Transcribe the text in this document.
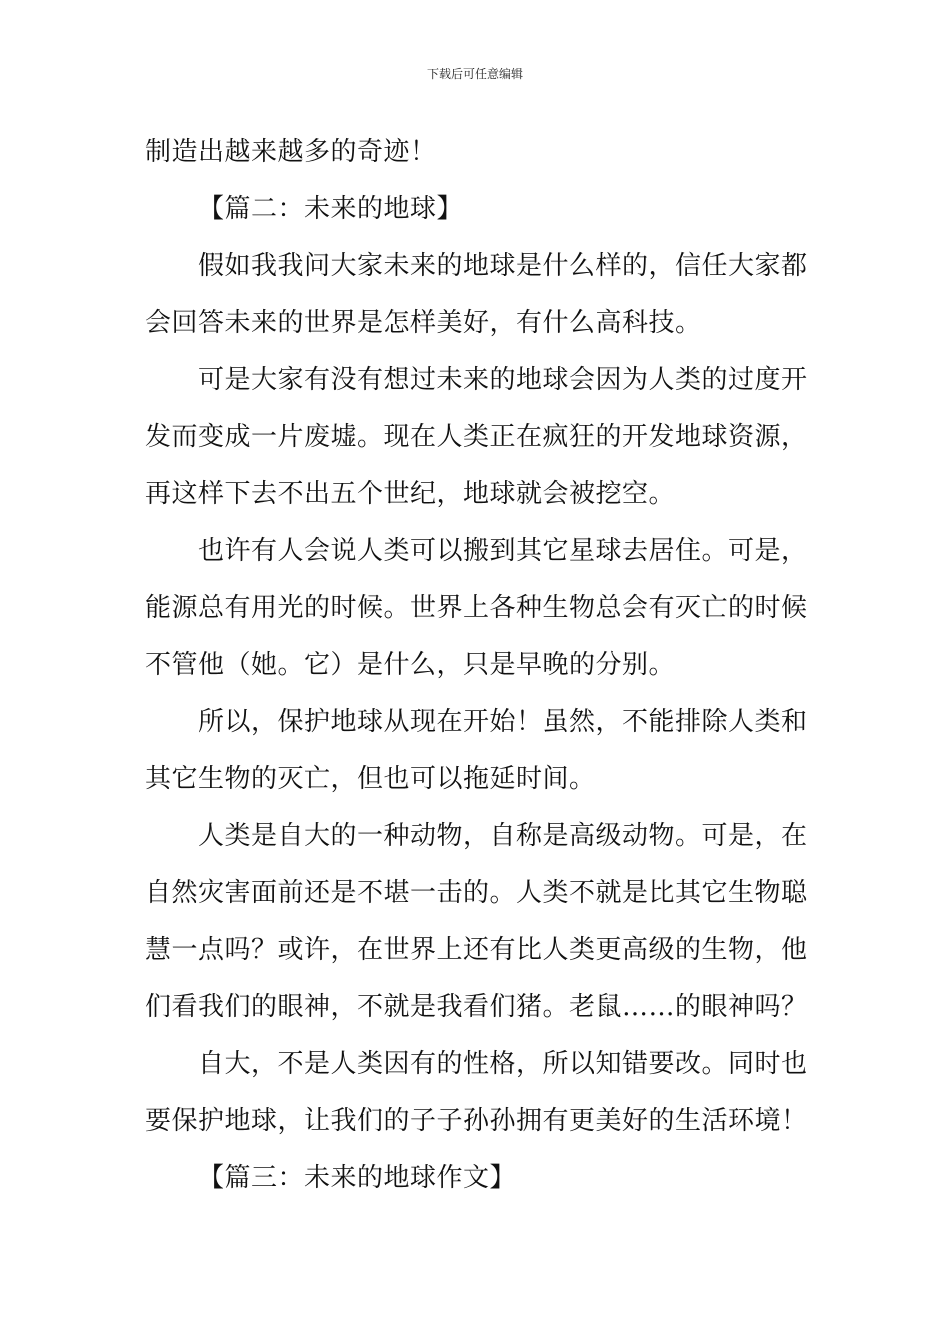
下载后可任意编辑
制造出越来越多的奇迹！
【篇二：未来的地球】
假如我我问大家未来的地球是什么样的，信任大家都
会回答未来的世界是怎样美好，有什么高科技。
可是大家有没有想过未来的地球会因为人类的过度开
发而变成一片废墟。现在人类正在疯狂的开发地球资源，
再这样下去不出五个世纪，地球就会被挖空。
也许有人会说人类可以搬到其它星球去居住。可是，
能源总有用光的时候。世界上各种生物总会有灭亡的时候
不管他（她。它）是什么，只是早晚的分别。
所以，保护地球从现在开始！虽然，不能排除人类和
其它生物的灭亡，但也可以拖延时间。
人类是自大的一种动物，自称是高级动物。可是，在
自然灾害面前还是不堪一击的。人类不就是比其它生物聪
慧一点吗？或许，在世界上还有比人类更高级的生物，他
们看我们的眼神，不就是我看们猪。老鼠……的眼神吗？
自大，不是人类因有的性格，所以知错要改。同时也
要保护地球，让我们的子子孙孙拥有更美好的生活环境！
【篇三：未来的地球作文】
